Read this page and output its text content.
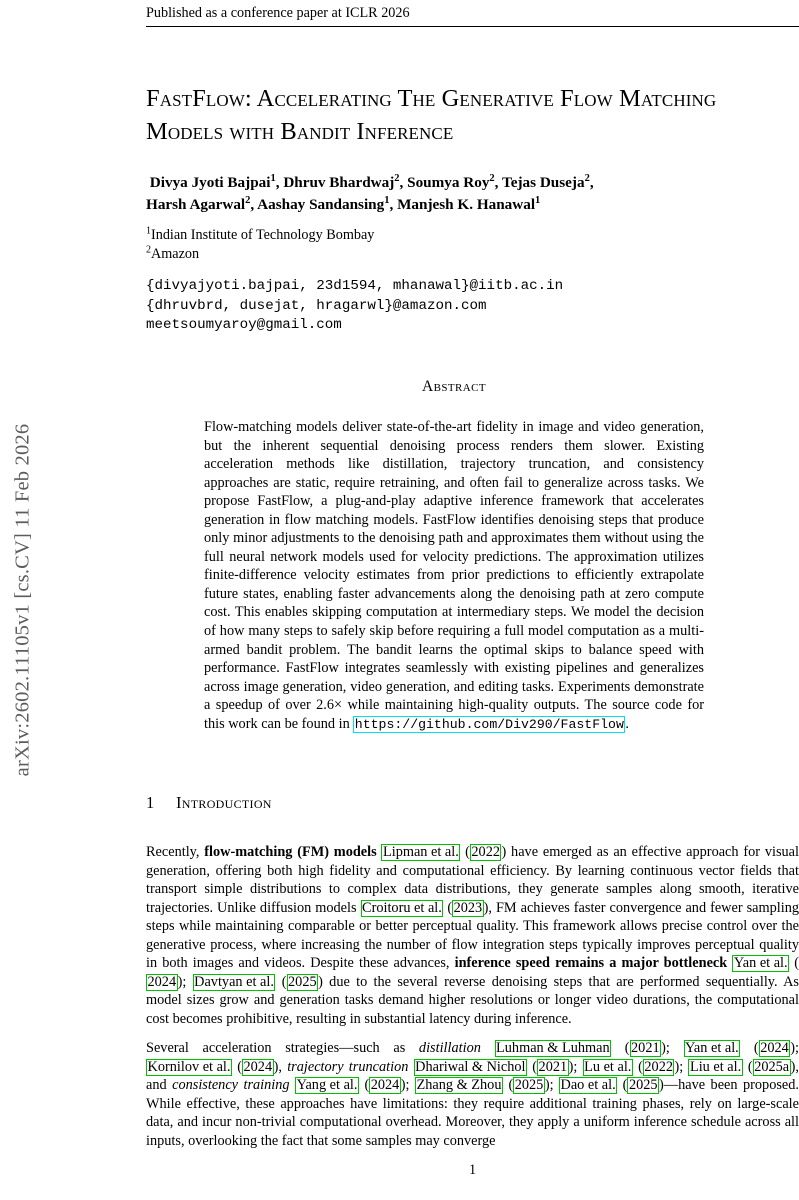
arXiv:2602.11105v1 [cs.CV] 11 Feb 2026
Published as a conference paper at ICLR 2026
FastFlow: Accelerating The Generative Flow Matching Models with Bandit Inference
Divya Jyoti Bajpai$^1$, Dhruv Bhardwaj$^2$, Soumya Roy$^2$, Tejas Duseja$^2$,
Harsh Agarwal$^2$, Aashay Sandansing$^1$, Manjesh K. Hanawal$^1$
$^1$Indian Institute of Technology Bombay
$^2$Amazon
{divyajyoti.bajpai, 23d1594, mhanawal}@iitb.ac.in
{dhruvbrd, dusejat, hragarwl}@amazon.com
meetsoumyaroy@gmail.com
Abstract
Flow-matching models deliver state-of-the-art fidelity in image and video generation, but the inherent sequential denoising process renders them slower. Existing acceleration methods like distillation, trajectory truncation, and consistency approaches are static, require retraining, and often fail to generalize across tasks. We propose FastFlow, a plug-and-play adaptive inference framework that accelerates generation in flow matching models. FastFlow identifies denoising steps that produce only minor adjustments to the denoising path and approximates them without using the full neural network models used for velocity predictions. The approximation utilizes finite-difference velocity estimates from prior predictions to efficiently extrapolate future states, enabling faster advancements along the denoising path at zero compute cost. This enables skipping computation at intermediary steps. We model the decision of how many steps to safely skip before requiring a full model computation as a multi-armed bandit problem. The bandit learns the optimal skips to balance speed with performance. FastFlow integrates seamlessly with existing pipelines and generalizes across image generation, video generation, and editing tasks. Experiments demonstrate a speedup of over 2.6× while maintaining high-quality outputs. The source code for this work can be found in https://github.com/Div290/FastFlow .
1 Introduction

Recently, flow-matching (FM) models Lipman et al. ( 2022 ) have emerged as an effective approach for visual generation, offering both high fidelity and computational efficiency. By learning continuous vector fields that transport simple distributions to complex data distributions, they generate samples along smooth, iterative trajectories. Unlike diffusion models Croitoru et al. ( 2023 ), FM achieves faster convergence and fewer sampling steps while maintaining comparable or better perceptual quality. This framework allows precise control over the generative process, where increasing the number of flow integration steps typically improves perceptual quality in both images and videos. Despite these advances, inference speed remains a major bottleneck Yan et al. (2024 ); Davtyan et al. ( 2025 ) due to the several reverse denoising steps that are performed sequentially. As model sizes grow and generation tasks demand higher resolutions or longer video durations, the computational cost becomes prohibitive, resulting in substantial latency during inference.

Several acceleration strategies—such as distillation Luhman & Luhman ( 2021 ); Yan et al. ( 2024 ); Kornilov et al. ( 2024 ), trajectory truncation Dhariwal & Nichol ( 2021 ); Lu et al. ( 2022 ); Liu et al. ( 2025a ), and consistency training Yang et al. ( 2024 ); Zhang & Zhou ( 2025 ); Dao et al. ( 2025 )—have been proposed. While effective, these approaches have limitations: they require additional training phases, rely on large-scale data, and incur non-trivial computational overhead. Moreover, they apply a uniform inference schedule across all inputs, overlooking the fact that some samples may converge

1
